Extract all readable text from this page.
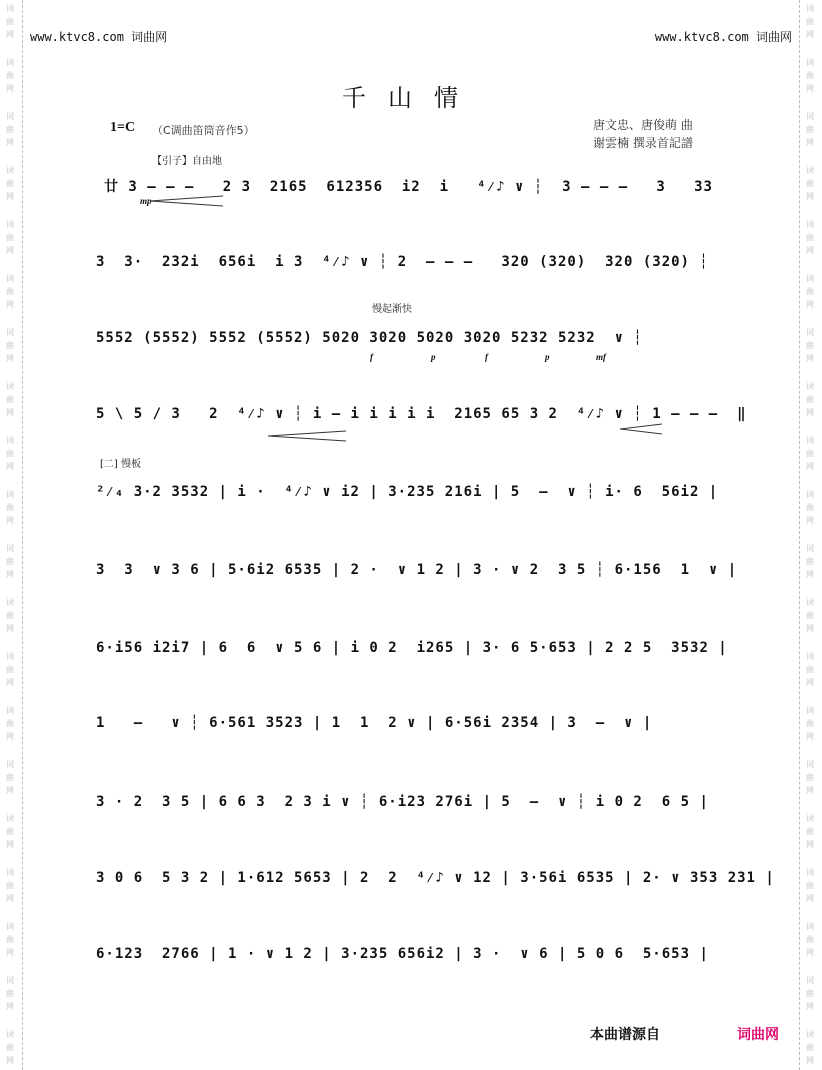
词
曲
网
词
曲
网
词
曲
网
词
曲
网
词
曲
网
词
曲
网
词
曲
网
词
曲
网
词
曲
网
词
曲
网
词
曲
网
词
曲
网
词
曲
网
词
曲
网
词
曲
网
词
曲
网
词
曲
网
词
曲
网
词
曲
网
词
曲
网
词
曲
网
词
曲
网
词
曲
网
词
曲
网
词
曲
网
词
曲
网
词
曲
网
词
曲
网
词
曲
网
词
曲
网
词
曲
网
词
曲
网
词
曲
网
词
曲
网
词
曲
网
词
曲
网
词
曲
网
词
曲
网
词
曲
网
词
曲
网
www.ktvc8.com 词曲网	www.ktvc8.com 词曲网
千山情
1=C （C调曲笛筒音作5）	唐文忠、唐俊萌 曲
谢雲楠 撰录首記譜
【引子】自由地
慢起渐快
[二] 慢板
mp
f	p	f	p	mf

廿 3 — — —   2 3  2165  612356  i2  i   ⁴⁄♪ ∨ ┆  3 — — —   3   33

3  3·  232i  656i  i 3  ⁴⁄♪ ∨ ┆ 2  — — —   320 (320)  320 (320) ┆

5552 (5552) 5552 (5552) 5020 3020 5020 3020 5232 5232  ∨ ┆

5 \ 5 / 3   2  ⁴⁄♪ ∨ ┆ i — i i i i i  2165 65 3 2  ⁴⁄♪ ∨ ┆ 1 — — —  ‖

²⁄₄ 3·2 3532 | i ·  ⁴⁄♪ ∨ i2 | 3·235 216i | 5  —  ∨ ┆ i· 6  56i2 |

3  3  ∨ 3 6 | 5·6i2 6535 | 2 ·  ∨ 1 2 | 3 · ∨ 2  3 5 ┆ 6·156  1  ∨ |

6·i56 i2i7 | 6  6  ∨ 5 6 | i 0 2  i265 | 3· 6 5·653 | 2 2 5  3532 |

1   —   ∨ ┆ 6·561 3523 | 1  1  2 ∨ | 6·56i 2354 | 3  —  ∨ |

3 · 2  3 5 | 6 6 3  2 3 i ∨ ┆ 6·i23 276i | 5  —  ∨ ┆ i 0 2  6 5 |

3 0 6  5 3 2 | 1·612 5653 | 2  2  ⁴⁄♪ ∨ 12 | 3·56i 6535 | 2· ∨ 353 231 |

6·123  2766 | 1 · ∨ 1 2 | 3·235 656i2 | 3 ·  ∨ 6 | 5 0 6  5·653 |

本曲谱源自	词曲网
